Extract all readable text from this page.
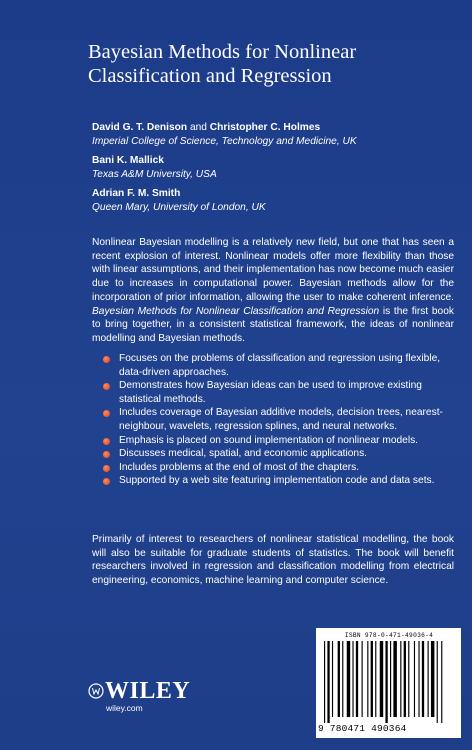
Bayesian Methods for Nonlinear
Classification and Regression
David G. T. Denison and Christopher C. Holmes
Imperial College of Science, Technology and Medicine, UK
Bani K. Mallick
Texas A&M University, USA
Adrian F. M. Smith
Queen Mary, University of London, UK
Nonlinear Bayesian modelling is a relatively new field, but one that has seen a recent explosion of interest. Nonlinear models offer more flexibility than those with linear assumptions, and their implementation has now become much easier due to increases in computational power. Bayesian methods allow for the incorporation of prior information, allowing the user to make coherent inference. Bayesian Methods for Nonlinear Classification and Regression is the first book to bring together, in a consistent statistical framework, the ideas of nonlinear modelling and Bayesian methods.
Focuses on the problems of classification and regression using flexible, data-driven approaches.
Demonstrates how Bayesian ideas can be used to improve existing statistical methods.
Includes coverage of Bayesian additive models, decision trees, nearest-neighbour, wavelets, regression splines, and neural networks.
Emphasis is placed on sound implementation of nonlinear models.
Discusses medical, spatial, and economic applications.
Includes problems at the end of most of the chapters.
Supported by a web site featuring implementation code and data sets.
Primarily of interest to researchers of nonlinear statistical modelling, the book will also be suitable for graduate students of statistics. The book will benefit researchers involved in regression and classification modelling from electrical engineering, economics, machine learning and computer science.
WILEY
wiley.com
ISBN 978-0-471-49036-4
9 780471 490364
